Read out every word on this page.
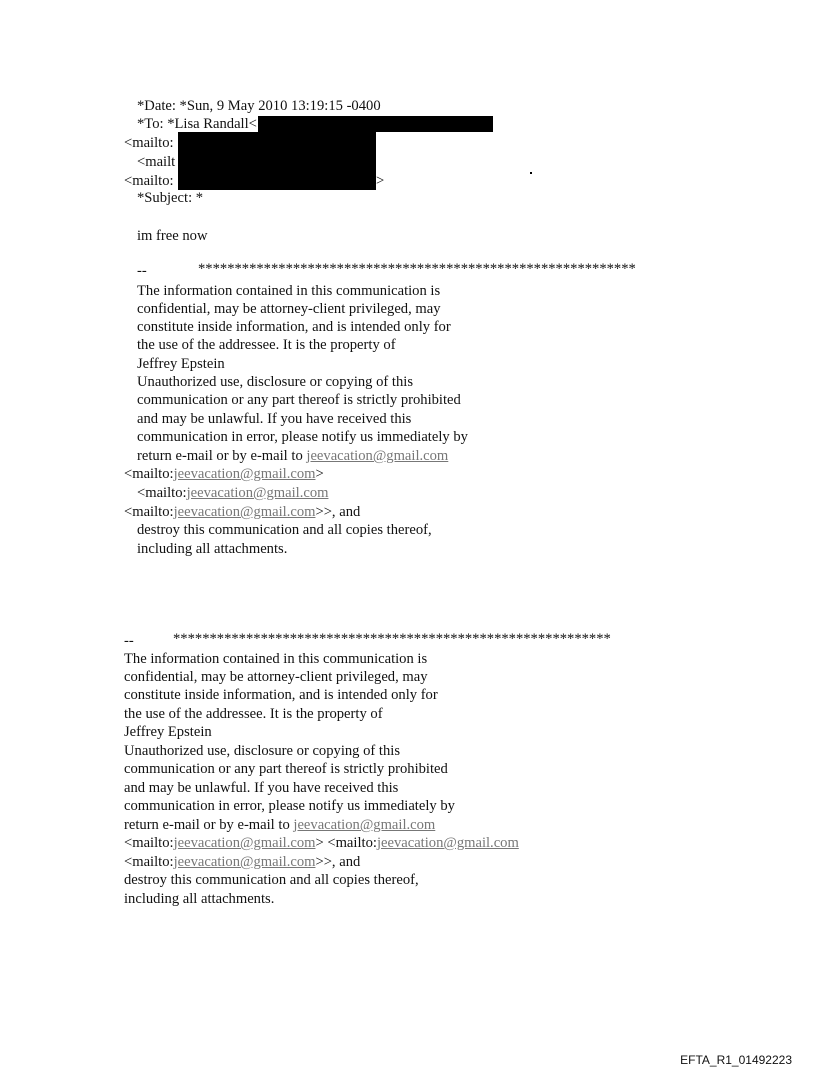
*Date: *Sun, 9 May 2010 13:19:15 -0400
*To: *Lisa Randall<
<mailto:
<mailt
<mailto:	>
*Subject: *
im free now
--	************************************************************
The information contained in this communication is
confidential, may be attorney-client privileged, may
constitute inside information, and is intended only for
the use of the addressee. It is the property of
Jeffrey Epstein
Unauthorized use, disclosure or copying of this
communication or any part thereof is strictly prohibited
and may be unlawful. If you have received this
communication in error, please notify us immediately by
return e-mail or by e-mail to jeevacation@gmail.com
<mailto:jeevacation@gmail.com>
<mailto:jeevacation@gmail.com
<mailto:jeevacation@gmail.com>>, and
destroy this communication and all copies thereof,
including all attachments.
--	************************************************************
The information contained in this communication is
confidential, may be attorney-client privileged, may
constitute inside information, and is intended only for
the use of the addressee. It is the property of
Jeffrey Epstein
Unauthorized use, disclosure or copying of this
communication or any part thereof is strictly prohibited
and may be unlawful. If you have received this
communication in error, please notify us immediately by
return e-mail or by e-mail to jeevacation@gmail.com
<mailto:jeevacation@gmail.com> <mailto:jeevacation@gmail.com
<mailto:jeevacation@gmail.com>>, and
destroy this communication and all copies thereof,
including all attachments.
EFTA_R1_01492223
